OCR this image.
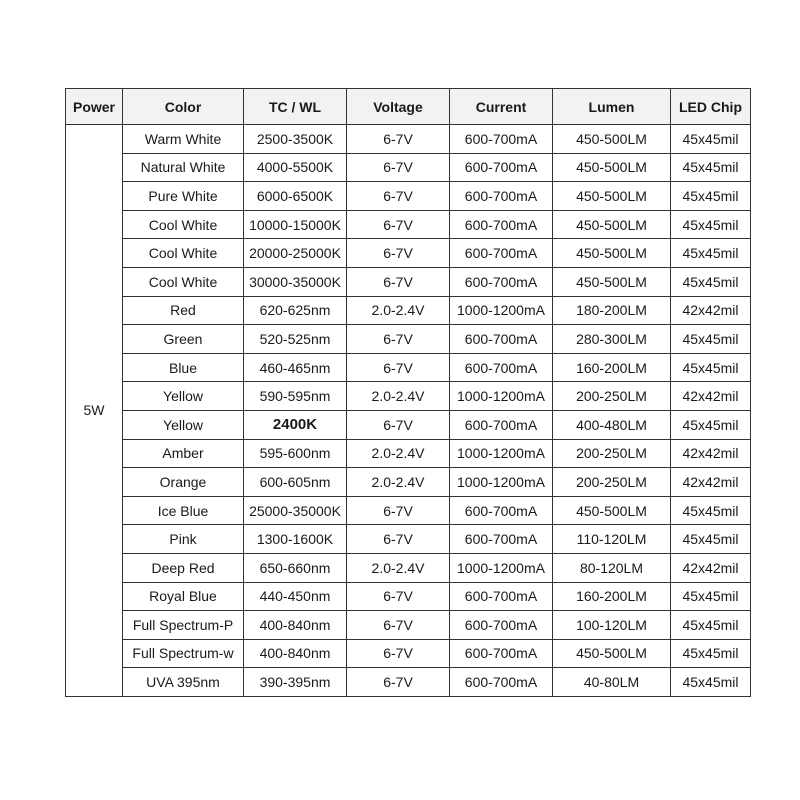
Power	Color	TC / WL	Voltage	Current	Lumen	LED Chip
5W	Warm White	2500-3500K	6-7V	600-700mA	450-500LM	45x45mil
	Natural White	4000-5500K	6-7V	600-700mA	450-500LM	45x45mil
	Pure White	6000-6500K	6-7V	600-700mA	450-500LM	45x45mil
	Cool White	10000-15000K	6-7V	600-700mA	450-500LM	45x45mil
	Cool White	20000-25000K	6-7V	600-700mA	450-500LM	45x45mil
	Cool White	30000-35000K	6-7V	600-700mA	450-500LM	45x45mil
	Red	620-625nm	2.0-2.4V	1000-1200mA	180-200LM	42x42mil
	Green	520-525nm	6-7V	600-700mA	280-300LM	45x45mil
	Blue	460-465nm	6-7V	600-700mA	160-200LM	45x45mil
	Yellow	590-595nm	2.0-2.4V	1000-1200mA	200-250LM	42x42mil
	Yellow	2400K	6-7V	600-700mA	400-480LM	45x45mil
	Amber	595-600nm	2.0-2.4V	1000-1200mA	200-250LM	42x42mil
	Orange	600-605nm	2.0-2.4V	1000-1200mA	200-250LM	42x42mil
	Ice Blue	25000-35000K	6-7V	600-700mA	450-500LM	45x45mil
	Pink	1300-1600K	6-7V	600-700mA	110-120LM	45x45mil
	Deep Red	650-660nm	2.0-2.4V	1000-1200mA	80-120LM	42x42mil
	Royal Blue	440-450nm	6-7V	600-700mA	160-200LM	45x45mil
	Full Spectrum-P	400-840nm	6-7V	600-700mA	100-120LM	45x45mil
	Full Spectrum-w	400-840nm	6-7V	600-700mA	450-500LM	45x45mil
	UVA 395nm	390-395nm	6-7V	600-700mA	40-80LM	45x45mil
